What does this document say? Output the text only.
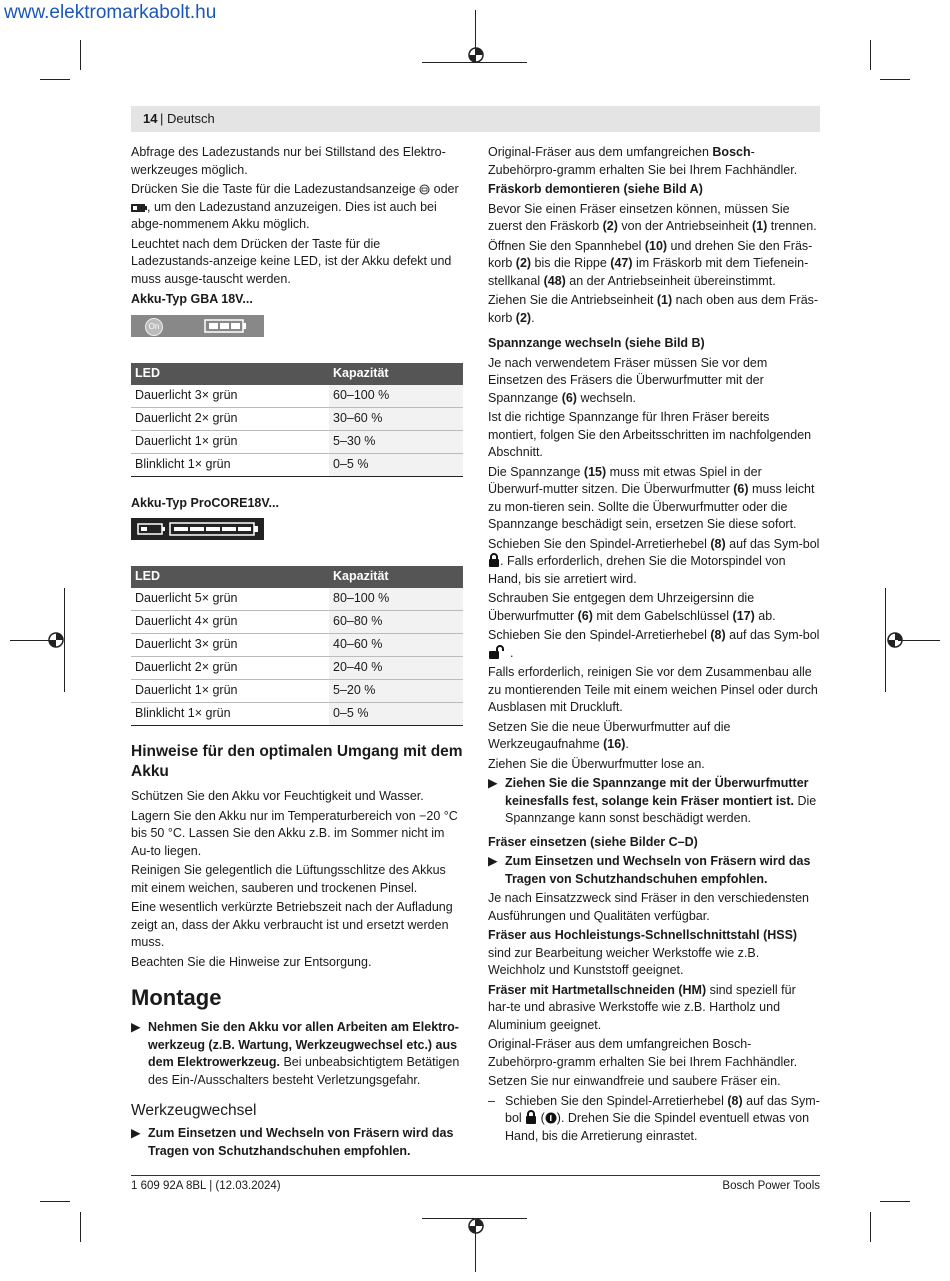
www.elektromarkabolt.hu
14 | Deutsch

Abfrage des Ladezustands nur bei Stillstand des Elektro-werkzeuges möglich.

Drücken Sie die Taste für die Ladezustandsanzeige oder
, um den Ladezustand anzuzeigen. Dies ist auch bei abge-nommenem Akku möglich.

Leuchtet nach dem Drücken der Taste für die Ladezustands-anzeige keine LED, ist der Akku defekt und muss ausge-tauscht werden.

Akku-Typ GBA 18V...

On
LED	Kapazität
Dauerlicht 3× grün	60–100 %
Dauerlicht 2× grün	30–60 %
Dauerlicht 1× grün	5–30 %
Blinklicht 1× grün	0–5 %

Akku-Typ ProCORE18V...

LED	Kapazität
Dauerlicht 5× grün	80–100 %
Dauerlicht 4× grün	60–80 %
Dauerlicht 3× grün	40–60 %
Dauerlicht 2× grün	20–40 %
Dauerlicht 1× grün	5–20 %
Blinklicht 1× grün	0–5 %
Hinweise für den optimalen Umgang mit dem Akku

Schützen Sie den Akku vor Feuchtigkeit und Wasser.

Lagern Sie den Akku nur im Temperaturbereich von −20 °C bis 50 °C. Lassen Sie den Akku z.B. im Sommer nicht im Au-to liegen.

Reinigen Sie gelegentlich die Lüftungsschlitze des Akkus mit einem weichen, sauberen und trockenen Pinsel.

Eine wesentlich verkürzte Betriebszeit nach der Aufladung zeigt an, dass der Akku verbraucht ist und ersetzt werden muss.

Beachten Sie die Hinweise zur Entsorgung.

Montage
▶ Nehmen Sie den Akku vor allen Arbeiten am Elektro-werkzeug (z.B. Wartung, Werkzeugwechsel etc.) aus dem Elektrowerkzeug. Bei unbeabsichtigtem Betätigen des Ein-/Ausschalters besteht Verletzungsgefahr.
Werkzeugwechsel
▶ Zum Einsetzen und Wechseln von Fräsern wird das Tragen von Schutzhandschuhen empfohlen.

Original-Fräser aus dem umfangreichen Bosch-Zubehörpro-gramm erhalten Sie bei Ihrem Fachhändler.

Fräskorb demontieren (siehe Bild A)

Bevor Sie einen Fräser einsetzen können, müssen Sie zuerst den Fräskorb (2) von der Antriebseinheit (1) trennen.

Öffnen Sie den Spannhebel (10) und drehen Sie den Fräs-korb (2) bis die Rippe (47) im Fräskorb mit dem Tiefenein-stellkanal (48) an der Antriebseinheit übereinstimmt.

Ziehen Sie die Antriebseinheit (1) nach oben aus dem Fräs-korb (2).

Spannzange wechseln (siehe Bild B)

Je nach verwendetem Fräser müssen Sie vor dem Einsetzen des Fräsers die Überwurfmutter mit der Spannzange (6) wechseln.

Ist die richtige Spannzange für Ihren Fräser bereits montiert, folgen Sie den Arbeitsschritten im nachfolgenden Abschnitt.

Die Spannzange (15) muss mit etwas Spiel in der Überwurf-mutter sitzen. Die Überwurfmutter (6) muss leicht zu mon-tieren sein. Sollte die Überwurfmutter oder die Spannzange beschädigt sein, ersetzen Sie diese sofort.

Schieben Sie den Spindel-Arretierhebel (8) auf das Sym-bol . Falls erforderlich, drehen Sie die Motorspindel von Hand, bis sie arretiert wird.

Schrauben Sie entgegen dem Uhrzeigersinn die Überwurfmutter (6) mit dem Gabelschlüssel (17) ab.

Schieben Sie den Spindel-Arretierhebel (8) auf das Sym-bol .

Falls erforderlich, reinigen Sie vor dem Zusammenbau alle zu montierenden Teile mit einem weichen Pinsel oder durch Ausblasen mit Druckluft.

Setzen Sie die neue Überwurfmutter auf die Werkzeugaufnahme (16).

Ziehen Sie die Überwurfmutter lose an.

▶ Ziehen Sie die Spannzange mit der Überwurfmutter keinesfalls fest, solange kein Fräser montiert ist. Die Spannzange kann sonst beschädigt werden.

Fräser einsetzen (siehe Bilder C–D)

▶ Zum Einsetzen und Wechseln von Fräsern wird das Tragen von Schutzhandschuhen empfohlen.

Je nach Einsatzzweck sind Fräser in den verschiedensten Ausführungen und Qualitäten verfügbar.

Fräser aus Hochleistungs-Schnellschnittstahl (HSS) sind zur Bearbeitung weicher Werkstoffe wie z.B. Weichholz und Kunststoff geeignet.

Fräser mit Hartmetallschneiden (HM) sind speziell für har-te und abrasive Werkstoffe wie z.B. Hartholz und Aluminium geeignet.

Original-Fräser aus dem umfangreichen Bosch-Zubehörpro-gramm erhalten Sie bei Ihrem Fachhändler.

Setzen Sie nur einwandfreie und saubere Fräser ein.

– Schieben Sie den Spindel-Arretierhebel (8) auf das Sym-bol  ( ). Drehen Sie die Spindel eventuell etwas von Hand, bis die Arretierung einrastet.
1 609 92A 8BL | (12.03.2024)	Bosch Power Tools
